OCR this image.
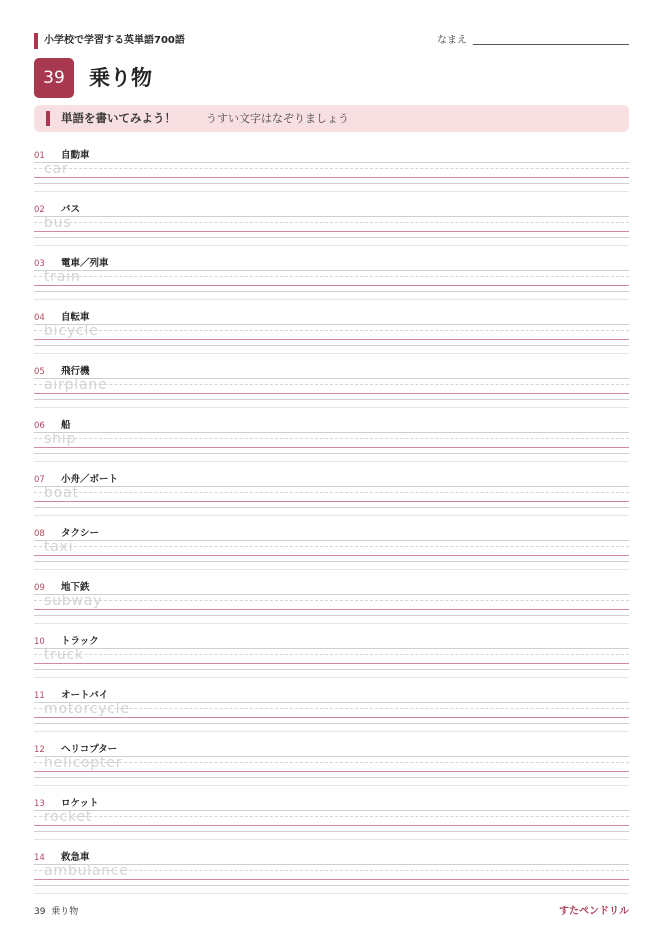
小学校で学習する英単語700語	なまえ
39	乗り物
単語を書いてみよう！	うすい文字はなぞりましょう
01 自動車
car
02 バス
bus
03 電車／列車
train
04 自転車
bicycle
05 飛行機
airplane
06 船
ship
07 小舟／ボート
boat
08 タクシー
taxi
09 地下鉄
subway
10 トラック
truck
11 オートバイ
motorcycle
12 ヘリコプター
helicopter
13 ロケット
rocket
14 救急車
ambulance
39 乗り物	すたペンドリル
